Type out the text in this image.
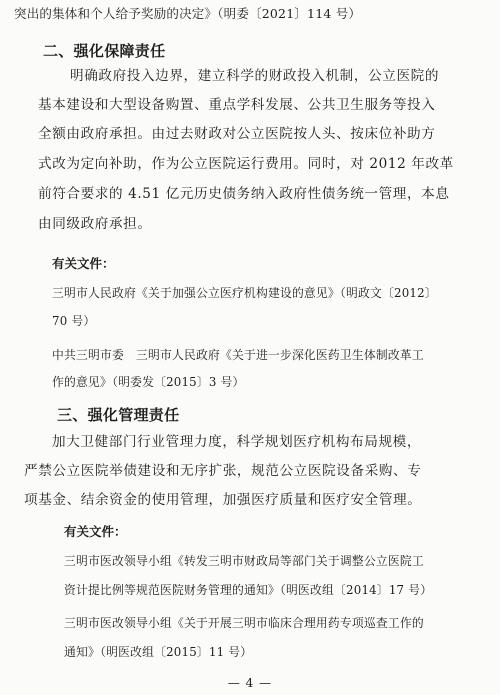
突出的集体和个人给予奖励的决定》（明委〔2021〕114 号）
二、强化保障责任
明确政府投入边界，建立科学的财政投入机制，公立医院的
基本建设和大型设备购置、重点学科发展、公共卫生服务等投入
全额由政府承担。由过去财政对公立医院按人头、按床位补助方
式改为定向补助，作为公立医院运行费用。同时，对 2012 年改革
前符合要求的 4.51 亿元历史债务纳入政府性债务统一管理，本息
由同级政府承担。
有关文件：
三明市人民政府《关于加强公立医疗机构建设的意见》（明政文〔2012〕
70 号）
中共三明市委　三明市人民政府《关于进一步深化医药卫生体制改革工
作的意见》（明委发〔2015〕3 号）
三、强化管理责任
加大卫健部门行业管理力度，科学规划医疗机构布局规模，
严禁公立医院举债建设和无序扩张，规范公立医院设备采购、专
项基金、结余资金的使用管理，加强医疗质量和医疗安全管理。
有关文件：
三明市医改领导小组《转发三明市财政局等部门关于调整公立医院工
资计提比例等规范医院财务管理的通知》（明医改组〔2014〕17 号）
三明市医改领导小组《关于开展三明市临床合理用药专项巡查工作的
通知》（明医改组〔2015〕11 号）
— 4 —
